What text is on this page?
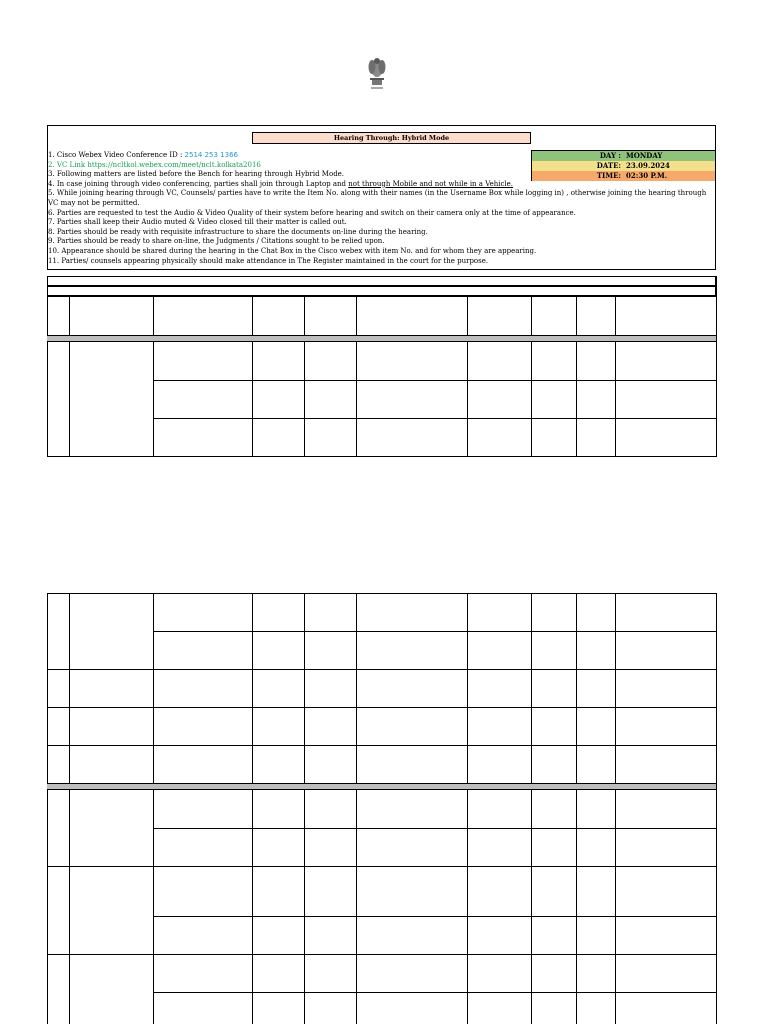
Hearing Through: Hybrid Mode
DAY : MONDAY
DATE: 23.09.2024
TIME: 02:30 P.M.
1. Cisco Webex Video Conference ID : 2514 253 1366
2. VC Link https://ncltkol.webex.com/meet/nclt.kolkata2016
3. Following matters are listed before the Bench for hearing through Hybrid Mode.
4. In case joining through video conferencing, parties shall join through Laptop and not through Mobile and not while in a Vehicle.
5. While joining hearing through VC, Counsels/ parties have to write the Item No. along with their names (in the Username Box while logging in) , otherwise joining the hearing through VC may not be permitted.
6. Parties are requested to test the Audio & Video Quality of their system before hearing and switch on their camera only at the time of appearance.
7. Parties shall keep their Audio muted & Video closed till their matter is called out.
8. Parties should be ready with requisite infrastructure to share the documents on-line during the hearing.
9. Parties should be ready to share on-line, the Judgments / Citations sought to be relied upon.
10. Appearance should be shared during the hearing in the Chat Box in the Cisco webex with item No. and for whom they are appearing.
11. Parties/ counsels appearing physically should make attendance in The Register maintained in the court for the purpose.
